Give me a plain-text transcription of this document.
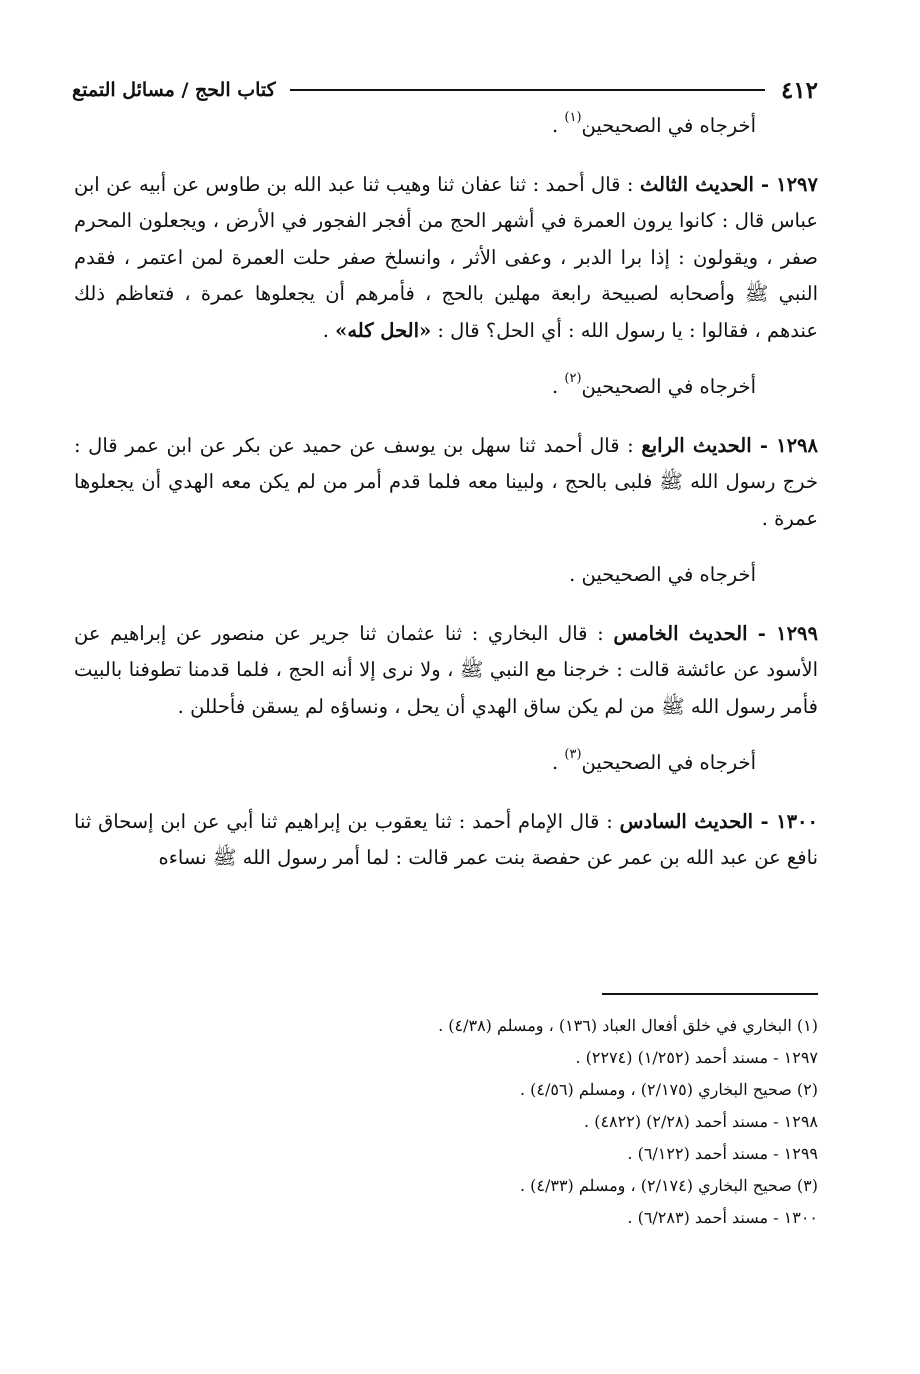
٤١٢
كتاب الحج / مسائل التمتع

أخرجاه في الصحيحين$^{(١)}$ .

١٢٩٧ - الحديث الثالث : قال أحمد : ثنا عفان ثنا وهيب ثنا عبد الله بن طاوس عن أبيه عن ابن عباس قال : كانوا يرون العمرة في أشهر الحج من أفجر الفجور في الأرض ، ويجعلون المحرم صفر ، ويقولون : إذا برا الدبر ، وعفى الأثر ، وانسلخ صفر حلت العمرة لمن اعتمر ، فقدم النبي ﷺ وأصحابه لصبيحة رابعة مهلين بالحج ، فأمرهم أن يجعلوها عمرة ، فتعاظم ذلك عندهم ، فقالوا : يا رسول الله : أي الحل؟ قال : «الحل كله» .

أخرجاه في الصحيحين$^{(٢)}$ .

١٢٩٨ - الحديث الرابع : قال أحمد ثنا سهل بن يوسف عن حميد عن بكر عن ابن عمر قال : خرج رسول الله ﷺ فلبى بالحج ، ولبينا معه فلما قدم أمر من لم يكن معه الهدي أن يجعلوها عمرة .

أخرجاه في الصحيحين .

١٢٩٩ - الحديث الخامس : قال البخاري : ثنا عثمان ثنا جرير عن منصور عن إبراهيم عن الأسود عن عائشة قالت : خرجنا مع النبي ﷺ ، ولا نرى إلا أنه الحج ، فلما قدمنا تطوفنا بالبيت فأمر رسول الله ﷺ من لم يكن ساق الهدي أن يحل ، ونساؤه لم يسقن فأحللن .

أخرجاه في الصحيحين$^{(٣)}$ .

١٣٠٠ - الحديث السادس : قال الإمام أحمد : ثنا يعقوب بن إبراهيم ثنا أبي عن ابن إسحاق ثنا نافع عن عبد الله بن عمر عن حفصة بنت عمر قالت : لما أمر رسول الله ﷺ نساءه

(١) البخاري في خلق أفعال العباد (١٣٦) ، ومسلم (٤/٣٨) .

١٢٩٧ - مسند أحمد (١/٢٥٢) (٢٢٧٤) .

(٢) صحيح البخاري (٢/١٧٥) ، ومسلم (٤/٥٦) .

١٢٩٨ - مسند أحمد (٢/٢٨) (٤٨٢٢) .

١٢٩٩ - مسند أحمد (٦/١٢٢) .

(٣) صحيح البخاري (٢/١٧٤) ، ومسلم (٤/٣٣) .

١٣٠٠ - مسند أحمد (٦/٢٨٣) .
